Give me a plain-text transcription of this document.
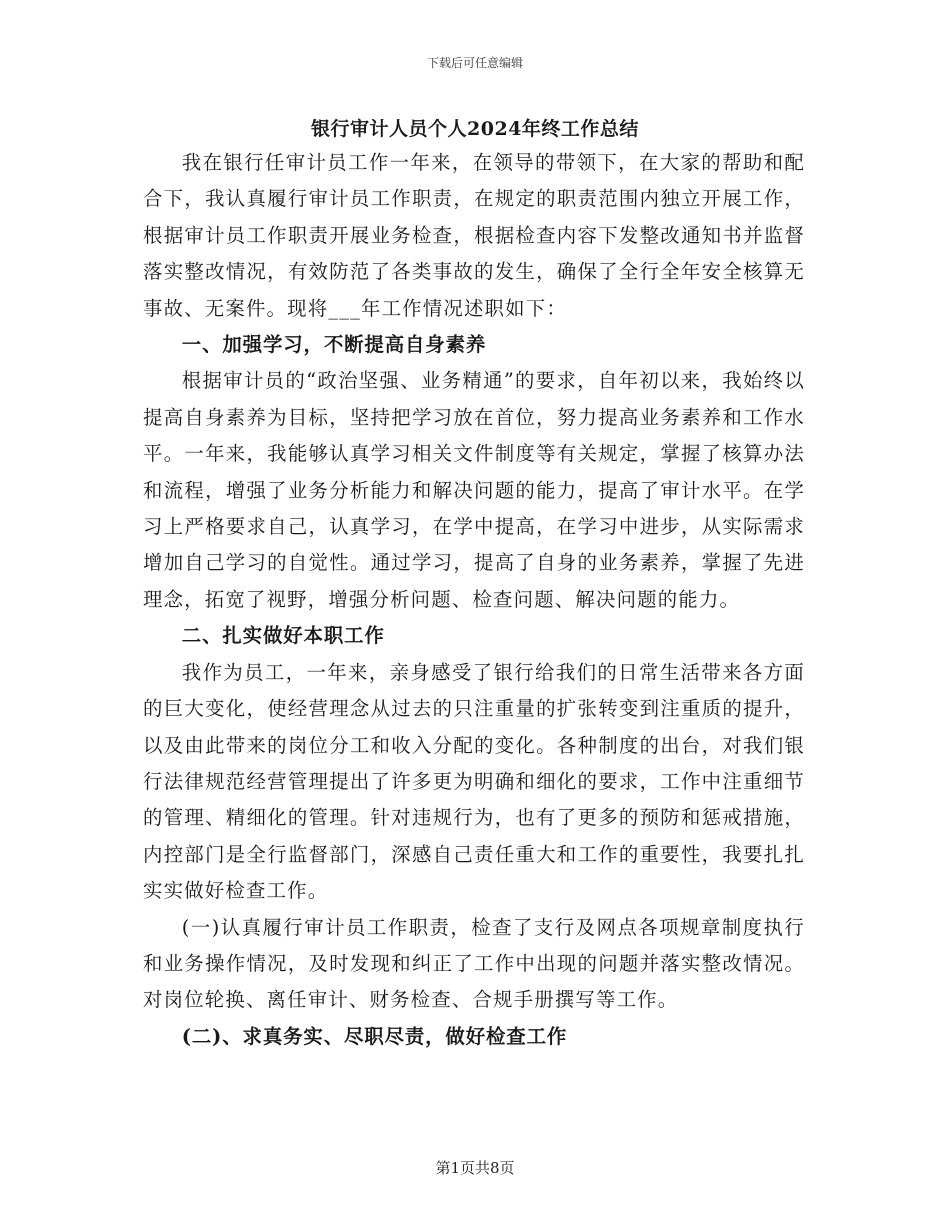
下载后可任意编辑
银行审计人员个人2024年终工作总结

我在银行任审计员工作一年来，在领导的带领下，在大家的帮助和配合下，我认真履行审计员工作职责，在规定的职责范围内独立开展工作，根据审计员工作职责开展业务检查，根据检查内容下发整改通知书并监督落实整改情况，有效防范了各类事故的发生，确保了全行全年安全核算无事故、无案件。现将___年工作情况述职如下：

一、加强学习，不断提高自身素养

根据审计员的“政治坚强、业务精通”的要求，自年初以来，我始终以提高自身素养为目标，坚持把学习放在首位，努力提高业务素养和工作水平。一年来，我能够认真学习相关文件制度等有关规定，掌握了核算办法和流程，增强了业务分析能力和解决问题的能力，提高了审计水平。在学习上严格要求自己，认真学习，在学中提高，在学习中进步，从实际需求增加自己学习的自觉性。通过学习，提高了自身的业务素养，掌握了先进理念，拓宽了视野，增强分析问题、检查问题、解决问题的能力。

二、扎实做好本职工作

我作为员工，一年来，亲身感受了银行给我们的日常生活带来各方面的巨大变化，使经营理念从过去的只注重量的扩张转变到注重质的提升，以及由此带来的岗位分工和收入分配的变化。各种制度的出台，对我们银行法律规范经营管理提出了许多更为明确和细化的要求，工作中注重细节的管理、精细化的管理。针对违规行为，也有了更多的预防和惩戒措施，内控部门是全行监督部门，深感自己责任重大和工作的重要性，我要扎扎实实做好检查工作。

(一)认真履行审计员工作职责，检查了支行及网点各项规章制度执行和业务操作情况，及时发现和纠正了工作中出现的问题并落实整改情况。对岗位轮换、离任审计、财务检查、合规手册撰写等工作。

(二)、求真务实、尽职尽责，做好检查工作

第1页共8页
